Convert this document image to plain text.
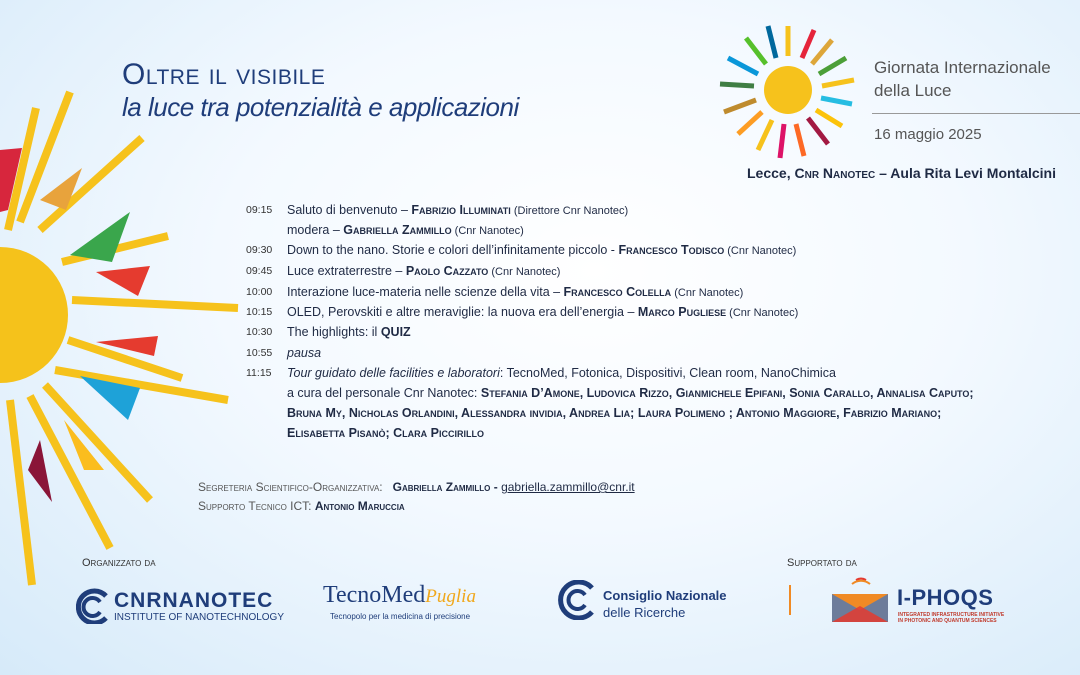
Oltre il visibile
la luce tra potenzialità e applicazioni
Giornata Internazionale
della Luce
16 maggio 2025
Lecce, Cnr Nanotec – Aula Rita Levi Montalcini
09:15 Saluto di benvenuto – Fabrizio Illuminati (Direttore Cnr Nanotec)
modera – Gabriella Zammillo (Cnr Nanotec)
09:30 Down to the nano. Storie e colori dell’infinitamente piccolo - Francesco Todisco (Cnr Nanotec)
09:45 Luce extraterrestre – Paolo Cazzato (Cnr Nanotec)
10:00 Interazione luce-materia nelle scienze della vita – Francesco Colella (Cnr Nanotec)
10:15 OLED, Perovskiti e altre meraviglie: la nuova era dell’energia – Marco Pugliese (Cnr Nanotec)
10:30 The highlights: il QUIZ
10:55 pausa
11:15 Tour guidato delle facilities e laboratori: TecnoMed, Fotonica, Dispositivi, Clean room, NanoChimica
a cura del personale Cnr Nanotec: Stefania D’Amone, Ludovica Rizzo, Gianmichele Epifani, Sonia Carallo, Annalisa Caputo;
Bruna My, Nicholas Orlandini, Alessandra invidia, Andrea Lia; Laura Polimeno ; Antonio Maggiore, Fabrizio Mariano;
Elisabetta Pisanò; Clara Piccirillo
Segreteria Scientifico-Organizzativa: Gabriella Zammillo - gabriella.zammillo@cnr.it
Supporto Tecnico ICT: Antonio Maruccia
Organizzato da	Supportato da
CNRNANOTEC
INSTITUTE OF NANOTECHNOLOGY
TecnoMedPuglia
Tecnopolo per la medicina di precisione
Consiglio Nazionale
delle Ricerche
I-PHOQS
INTEGRATED INFRASTRUCTURE INITIATIVE
IN PHOTONIC AND QUANTUM SCIENCES
